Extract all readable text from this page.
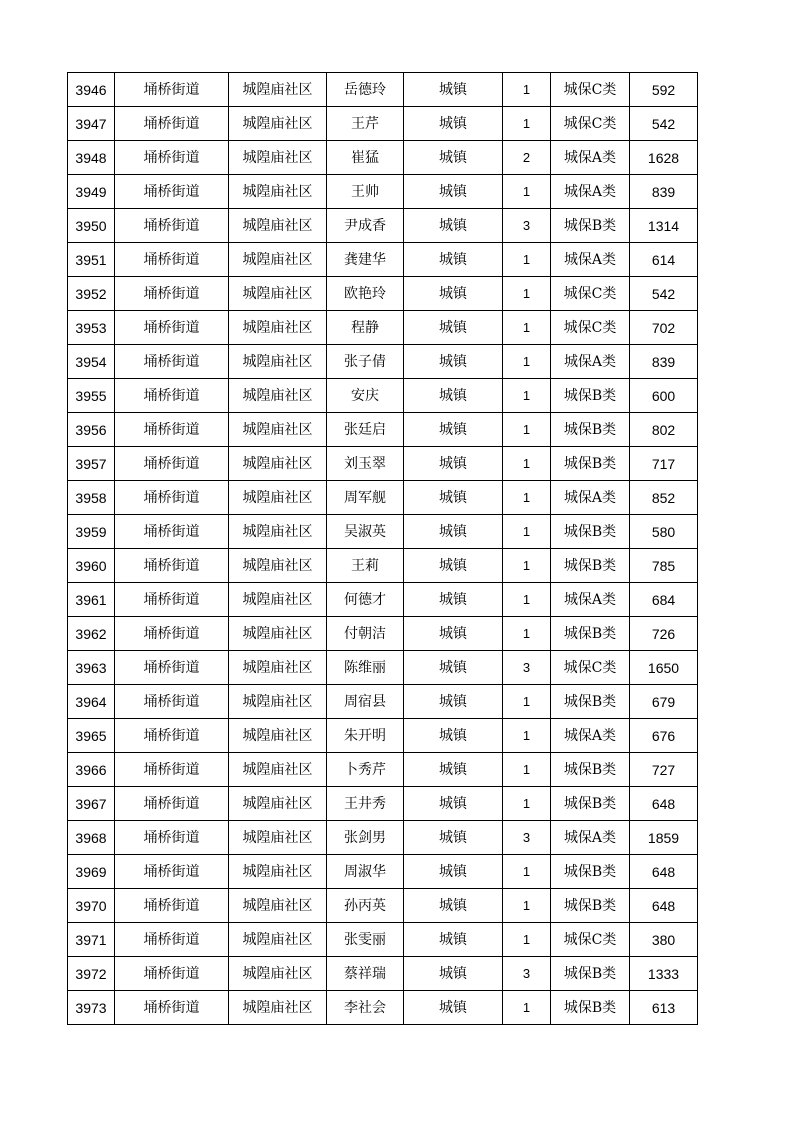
3946	埇桥街道	城隍庙社区	岳德玲	城镇	1	城保C类	592
3947	埇桥街道	城隍庙社区	王芹	城镇	1	城保C类	542
3948	埇桥街道	城隍庙社区	崔猛	城镇	2	城保A类	1628
3949	埇桥街道	城隍庙社区	王帅	城镇	1	城保A类	839
3950	埇桥街道	城隍庙社区	尹成香	城镇	3	城保B类	1314
3951	埇桥街道	城隍庙社区	龚建华	城镇	1	城保A类	614
3952	埇桥街道	城隍庙社区	欧艳玲	城镇	1	城保C类	542
3953	埇桥街道	城隍庙社区	程静	城镇	1	城保C类	702
3954	埇桥街道	城隍庙社区	张子倩	城镇	1	城保A类	839
3955	埇桥街道	城隍庙社区	安庆	城镇	1	城保B类	600
3956	埇桥街道	城隍庙社区	张廷启	城镇	1	城保B类	802
3957	埇桥街道	城隍庙社区	刘玉翠	城镇	1	城保B类	717
3958	埇桥街道	城隍庙社区	周军舰	城镇	1	城保A类	852
3959	埇桥街道	城隍庙社区	吴淑英	城镇	1	城保B类	580
3960	埇桥街道	城隍庙社区	王莉	城镇	1	城保B类	785
3961	埇桥街道	城隍庙社区	何德才	城镇	1	城保A类	684
3962	埇桥街道	城隍庙社区	付朝洁	城镇	1	城保B类	726
3963	埇桥街道	城隍庙社区	陈维丽	城镇	3	城保C类	1650
3964	埇桥街道	城隍庙社区	周宿县	城镇	1	城保B类	679
3965	埇桥街道	城隍庙社区	朱开明	城镇	1	城保A类	676
3966	埇桥街道	城隍庙社区	卜秀芹	城镇	1	城保B类	727
3967	埇桥街道	城隍庙社区	王井秀	城镇	1	城保B类	648
3968	埇桥街道	城隍庙社区	张剑男	城镇	3	城保A类	1859
3969	埇桥街道	城隍庙社区	周淑华	城镇	1	城保B类	648
3970	埇桥街道	城隍庙社区	孙丙英	城镇	1	城保B类	648
3971	埇桥街道	城隍庙社区	张雯丽	城镇	1	城保C类	380
3972	埇桥街道	城隍庙社区	蔡祥瑞	城镇	3	城保B类	1333
3973	埇桥街道	城隍庙社区	李社会	城镇	1	城保B类	613
